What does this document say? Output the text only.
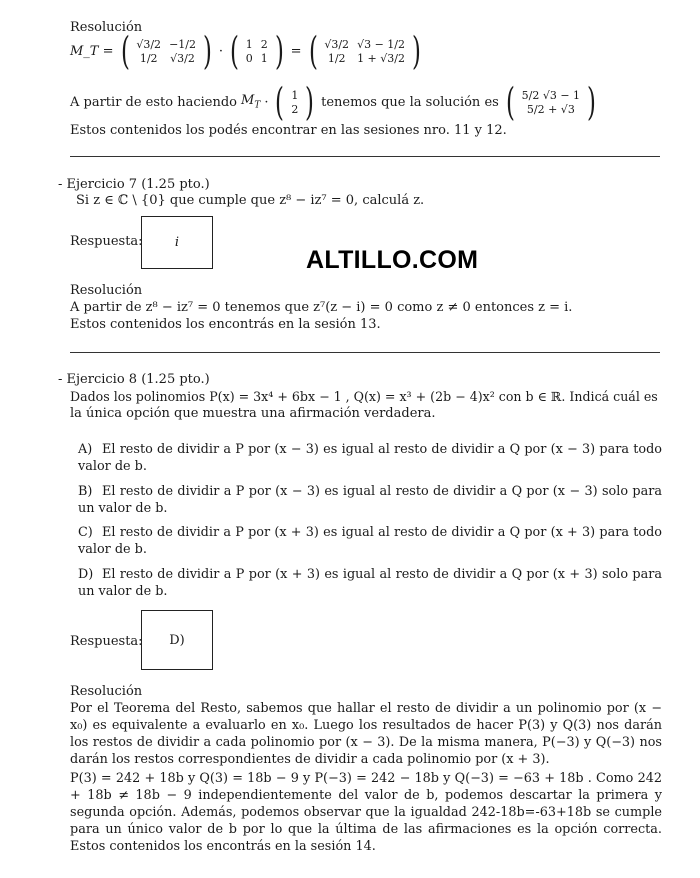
Resolución
M_T = ( √3/2 −1/2
1/2	√3/2 ) · ( 1 2
0 1 ) = ( √3/2 √3 − 1/2
1/2	1 + √3/2 )
A partir de esto haciendo $M_T$ · ( 1
2 ) tenemos que la solución es ( 5/2 √3 − 1
5/2 + √3 )
Estos contenidos los podés encontrar en las sesiones nro. 11 y 12.
- Ejercicio 7 (1.25 pto.)
Si z ∈ ℂ \ {0} que cumple que z⁸ − iz⁷ = 0, calculá z.
Respuesta: i
ALTILLO.COM
Resolución
A partir de z⁸ − iz⁷ = 0 tenemos que z⁷(z − i) = 0 como z ≠ 0 entonces z = i.
Estos contenidos los encontrás en la sesión 13.
- Ejercicio 8 (1.25 pto.)
Dados los polinomios P(x) = 3x⁴ + 6bx − 1 , Q(x) = x³ + (2b − 4)x² con b ∈ ℝ. Indicá cuál es
la única opción que muestra una afirmación verdadera.
A) El resto de dividir a P por (x − 3) es igual al resto de dividir a Q por (x − 3) para todo valor de b.
B) El resto de dividir a P por (x − 3) es igual al resto de dividir a Q por (x − 3) solo para un valor de b.
C) El resto de dividir a P por (x + 3) es igual al resto de dividir a Q por (x + 3) para todo valor de b.
D) El resto de dividir a P por (x + 3) es igual al resto de dividir a Q por (x + 3) solo para un valor de b.
Respuesta: D)
Resolución
Por el Teorema del Resto, sabemos que hallar el resto de dividir a un polinomio por (x − x₀) es equivalente a evaluarlo en x₀. Luego los resultados de hacer P(3) y Q(3) nos darán los restos de dividir a cada polinomio por (x − 3). De la misma manera, P(−3) y Q(−3) nos darán los restos correspondientes de dividir a cada polinomio por (x + 3).
P(3) = 242 + 18b y Q(3) = 18b − 9 y P(−3) = 242 − 18b y Q(−3) = −63 + 18b . Como 242 + 18b ≠ 18b − 9 independientemente del valor de b, podemos descartar la primera y segunda opción. Además, podemos observar que la igualdad 242-18b=-63+18b se cumple para un único valor de b por lo que la última de las afirmaciones es la opción correcta. Estos contenidos los encontrás en la sesión 14.
